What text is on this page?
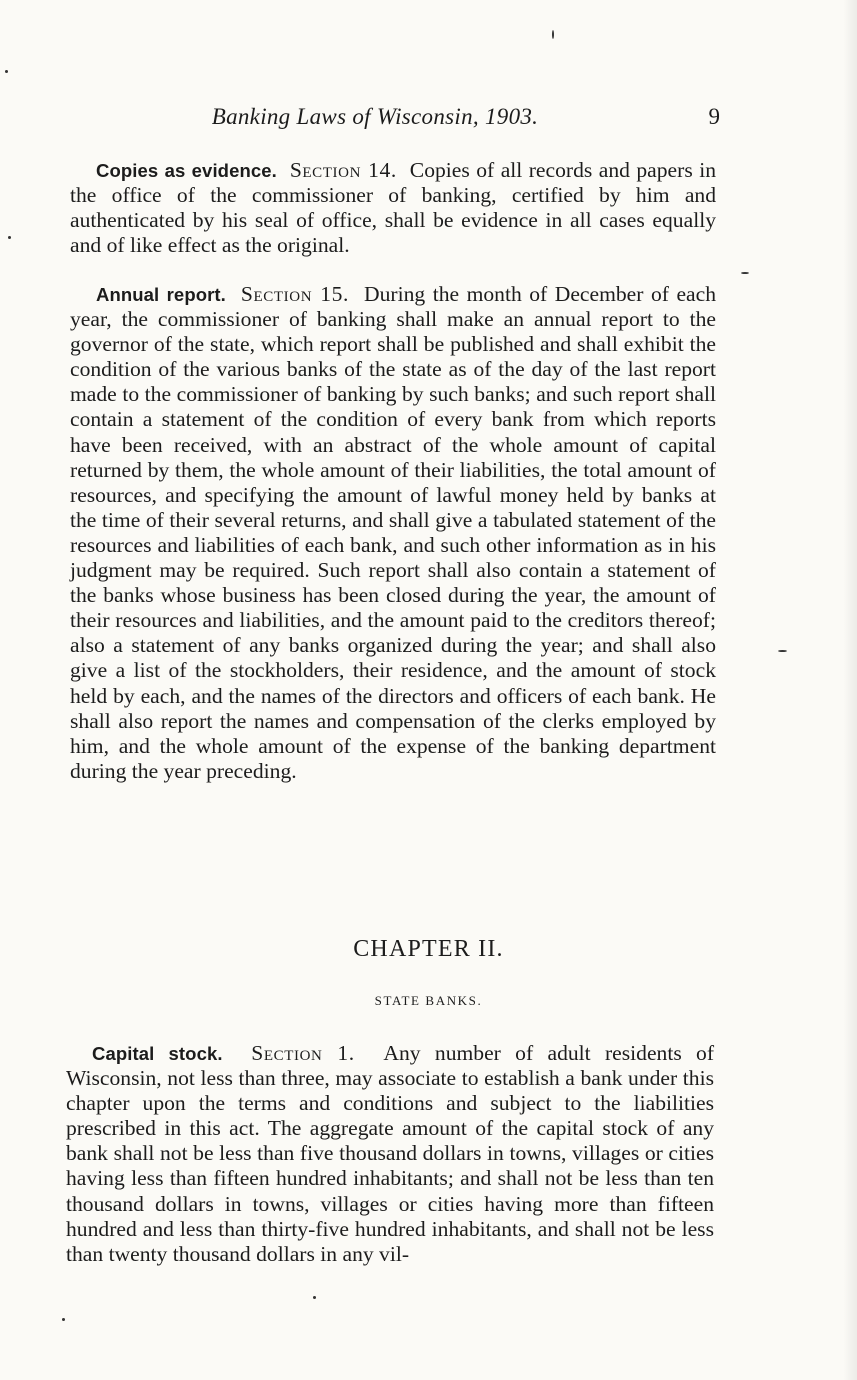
Banking Laws of Wisconsin, 1903.	9

Copies as evidence. Section 14. Copies of all records and papers in the office of the commissioner of banking, certified by him and authenticated by his seal of office, shall be evidence in all cases equally and of like effect as the original.

Annual report. Section 15. During the month of December of each year, the commissioner of banking shall make an annual report to the governor of the state, which report shall be published and shall exhibit the condition of the various banks of the state as of the day of the last report made to the commissioner of banking by such banks; and such report shall contain a statement of the condition of every bank from which reports have been received, with an abstract of the whole amount of capital returned by them, the whole amount of their liabilities, the total amount of resources, and specifying the amount of lawful money held by banks at the time of their several returns, and shall give a tabulated statement of the resources and liabilities of each bank, and such other information as in his judgment may be required. Such report shall also contain a statement of the banks whose business has been closed during the year, the amount of their resources and liabilities, and the amount paid to the creditors thereof; also a statement of any banks organized during the year; and shall also give a list of the stockholders, their residence, and the amount of stock held by each, and the names of the directors and officers of each bank. He shall also report the names and compensation of the clerks employed by him, and the whole amount of the expense of the banking department during the year preceding.

CHAPTER II.
STATE BANKS.

Capital stock. Section 1. Any number of adult residents of Wisconsin, not less than three, may associate to establish a bank under this chapter upon the terms and conditions and subject to the liabilities prescribed in this act. The aggregate amount of the capital stock of any bank shall not be less than five thousand dollars in towns, villages or cities having less than fifteen hundred inhabitants; and shall not be less than ten thousand dollars in towns, villages or cities having more than fifteen hundred and less than thirty-five hundred inhabitants, and shall not be less than twenty thousand dollars in any vil-
